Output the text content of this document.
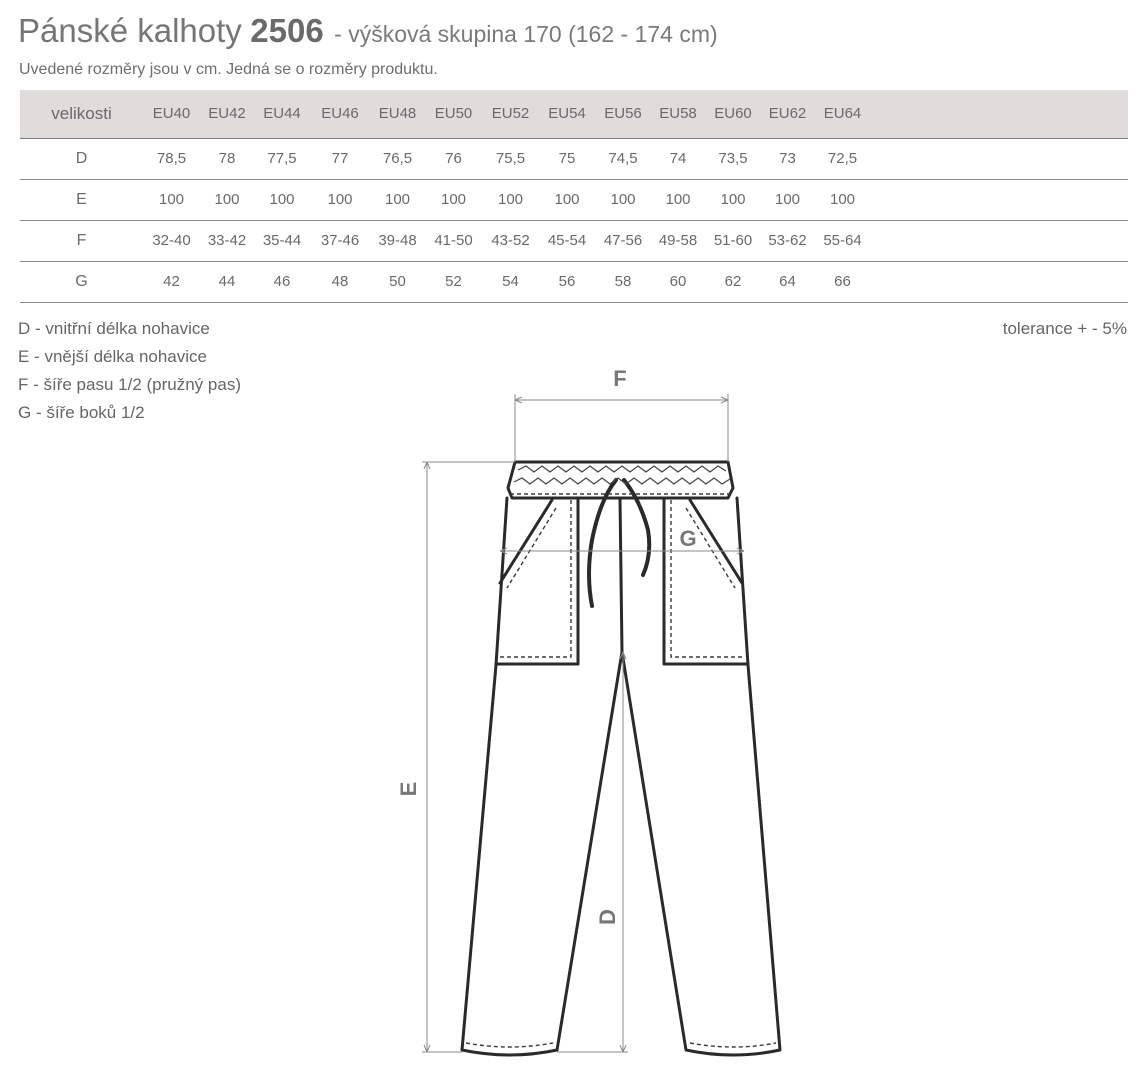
Pánské kalhoty 2506 - výšková skupina 170 (162 - 174 cm)
Uvedené rozměry jsou v cm. Jedná se o rozměry produktu.
velikosti	EU40	EU42	EU44	EU46	EU48	EU50	EU52	EU54	EU56	EU58	EU60	EU62	EU64	
D	78,5	78	77,5	77	76,5	76	75,5	75	74,5	74	73,5	73	72,5	
E	100	100	100	100	100	100	100	100	100	100	100	100	100	
F	32-40	33-42	35-44	37-46	39-48	41-50	43-52	45-54	47-56	49-58	51-60	53-62	55-64	
G	42	44	46	48	50	52	54	56	58	60	62	64	66	
D - vnitřní délka nohavice
E - vnější délka nohavice
F - šíře pasu 1/2 (pružný pas)
G - šíře boků 1/2
tolerance + - 5%
F
G
E
D
